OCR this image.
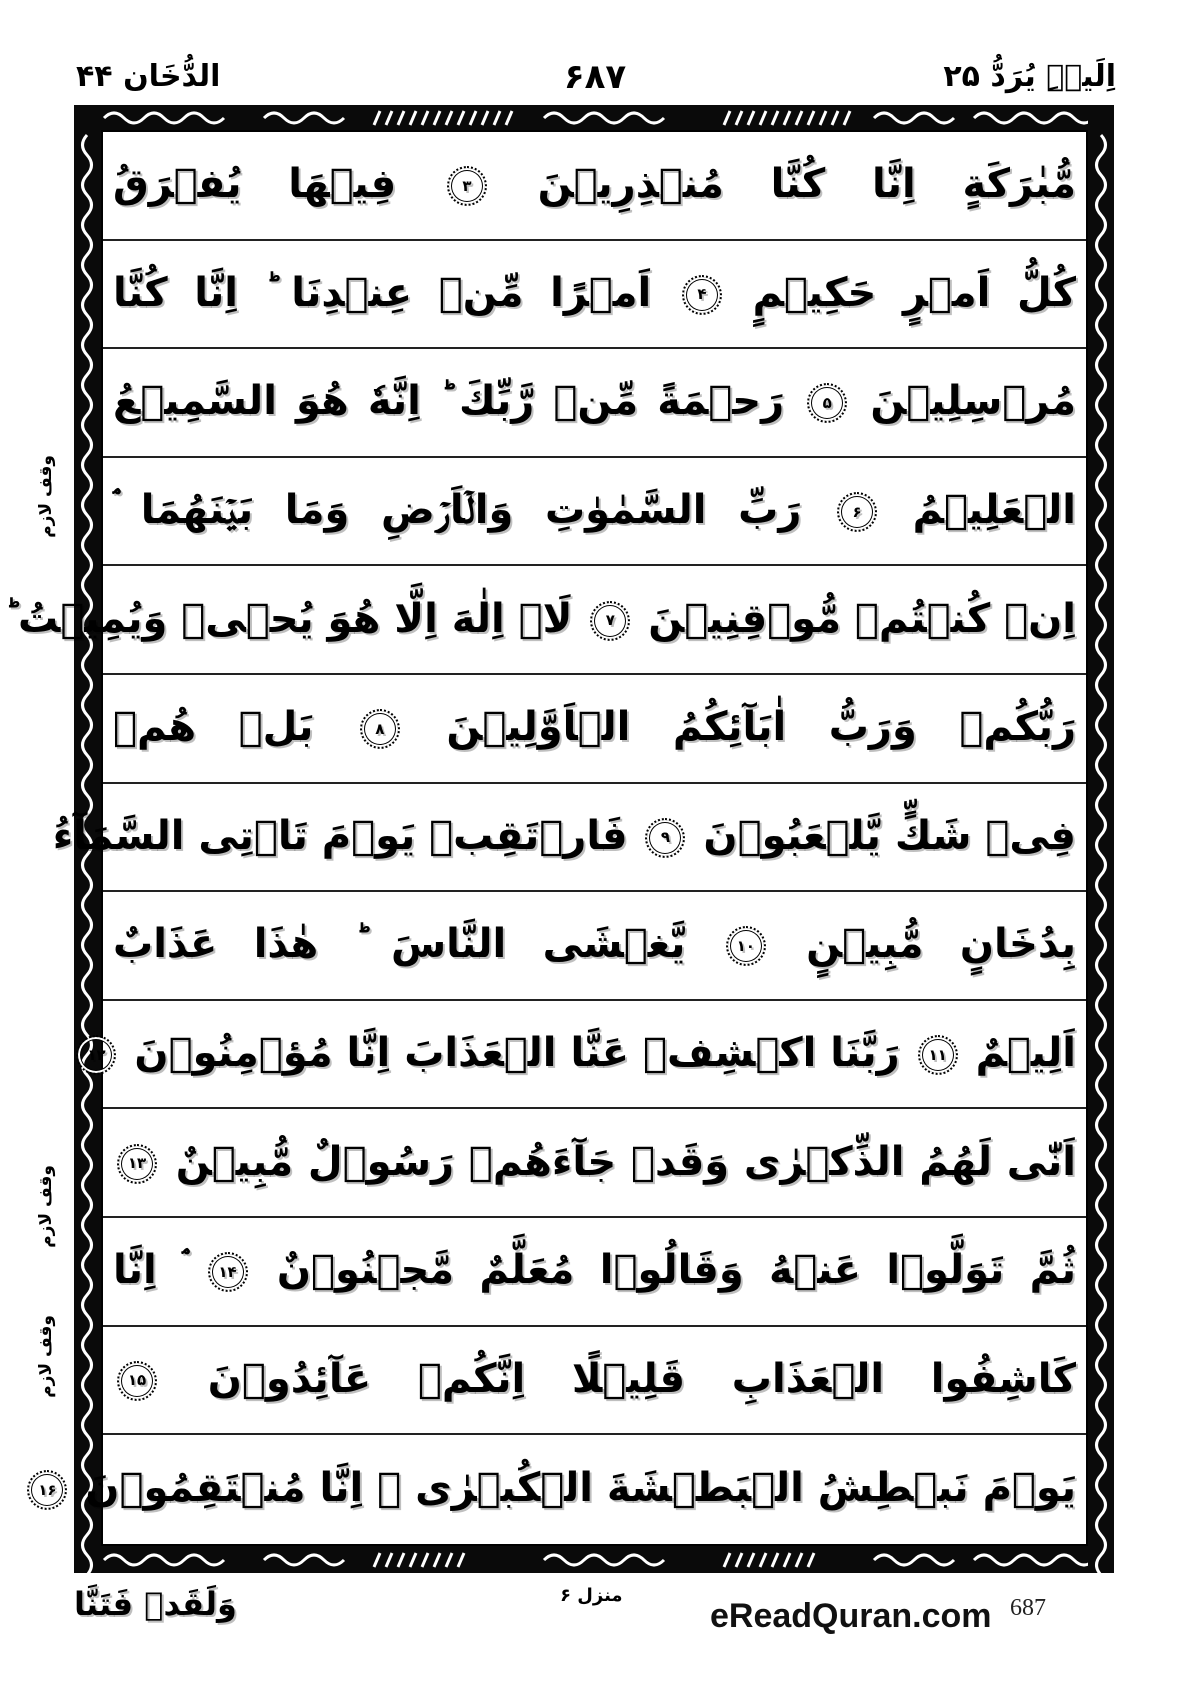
الدُّخَان ۴۴	۶۸۷	اِلَیۡہِ یُرَدُّ ۲۵
مُّبٰرَكَةٍ اِنَّا كُنَّا مُنۡذِرِيۡنَ ۳ فِيۡهَا يُفۡرَقُ
كُلُّ اَمۡرٍ حَكِيۡمٍ ۴ اَمۡرًا مِّنۡ عِنۡدِنَا ؕ اِنَّا كُنَّا
مُرۡسِلِيۡنَ ۵ رَحۡمَةً مِّنۡ رَّبِّكَ ؕ اِنَّهٗ هُوَ السَّمِيۡعُ
الۡعَلِيۡمُ ۶ رَبِّ السَّمٰوٰتِ وَالۡاَرۡضِ وَمَا بَيۡنَهُمَا ۘ
اِنۡ كُنۡتُمۡ مُّوۡقِنِيۡنَ ۷ لَاۤ اِلٰهَ اِلَّا هُوَ يُحۡىٖ وَيُمِيۡتُ ؕ
رَبُّكُمۡ وَرَبُّ اٰبَآئِكُمُ الۡاَوَّلِيۡنَ ۸ بَلۡ هُمۡ
فِىۡ شَكٍّ يَّلۡعَبُوۡنَ ۹ فَارۡتَقِبۡ يَوۡمَ تَاۡتِى السَّمَآءُ
بِدُخَانٍ مُّبِيۡنٍ ۱۰ يَّغۡشَى النَّاسَ ؕ هٰذَا عَذَابٌ
اَلِيۡمٌ ۱۱ رَبَّنَا اكۡشِفۡ عَنَّا الۡعَذَابَ اِنَّا مُؤۡمِنُوۡنَ ۱۲
اَنّٰى لَهُمُ الذِّكۡرٰى وَقَدۡ جَآءَهُمۡ رَسُوۡلٌ مُّبِيۡنٌ ۱۳
ثُمَّ تَوَلَّوۡا عَنۡهُ وَقَالُوۡا مُعَلَّمٌ مَّجۡنُوۡنٌ ۱۴ ۘ اِنَّا
كَاشِفُوا الۡعَذَابِ قَلِيۡلًا اِنَّكُمۡ عَآئِدُوۡنَ ۱۵
يَوۡمَ نَبۡطِشُ الۡبَطۡشَةَ الۡكُبۡرٰى ۚ اِنَّا مُنۡتَقِمُوۡنَ ۱۶
وقف لازم
وقف لازم
وقف لازم
وَلَقَدۡ فَتَنَّا	منزل ۶
eReadQuran.com 687
